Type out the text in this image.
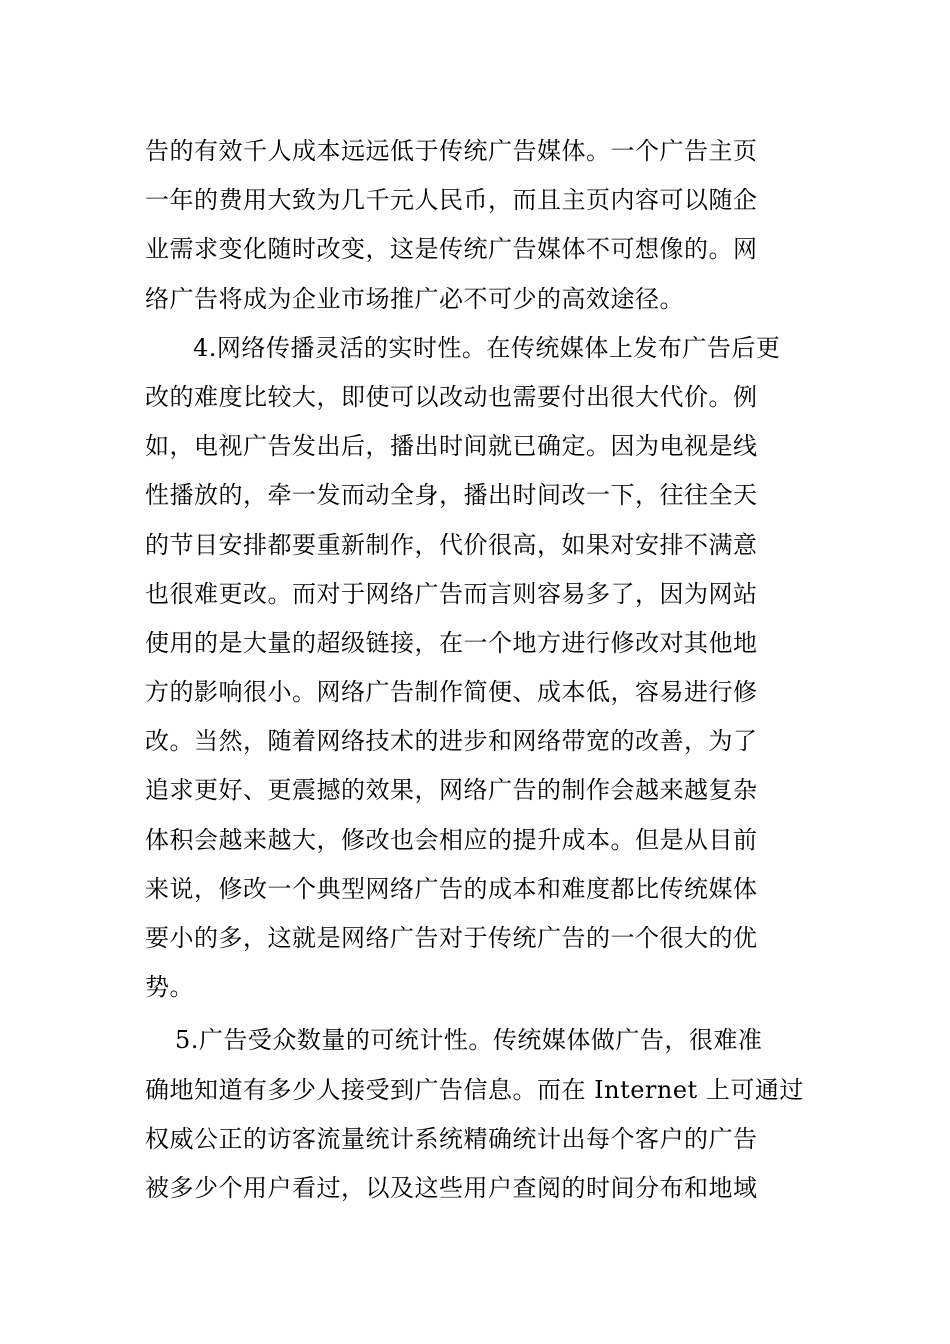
告的有效千人成本远远低于传统广告媒体。一个广告主页
一年的费用大致为几千元人民币，而且主页内容可以随企
业需求变化随时改变，这是传统广告媒体不可想像的。网
络广告将成为企业市场推广必不可少的高效途径。
4.网络传播灵活的实时性。在传统媒体上发布广告后更
改的难度比较大，即使可以改动也需要付出很大代价。例
如，电视广告发出后，播出时间就已确定。因为电视是线
性播放的，牵一发而动全身，播出时间改一下，往往全天
的节目安排都要重新制作，代价很高，如果对安排不满意
也很难更改。而对于网络广告而言则容易多了，因为网站
使用的是大量的超级链接，在一个地方进行修改对其他地
方的影响很小。网络广告制作简便、成本低，容易进行修
改。当然，随着网络技术的进步和网络带宽的改善，为了
追求更好、更震撼的效果，网络广告的制作会越来越复杂
体积会越来越大，修改也会相应的提升成本。但是从目前
来说，修改一个典型网络广告的成本和难度都比传统媒体
要小的多，这就是网络广告对于传统广告的一个很大的优
势。
5.广告受众数量的可统计性。传统媒体做广告，很难准
确地知道有多少人接受到广告信息。而在 Internet 上可通过
权威公正的访客流量统计系统精确统计出每个客户的广告
被多少个用户看过，以及这些用户查阅的时间分布和地域
